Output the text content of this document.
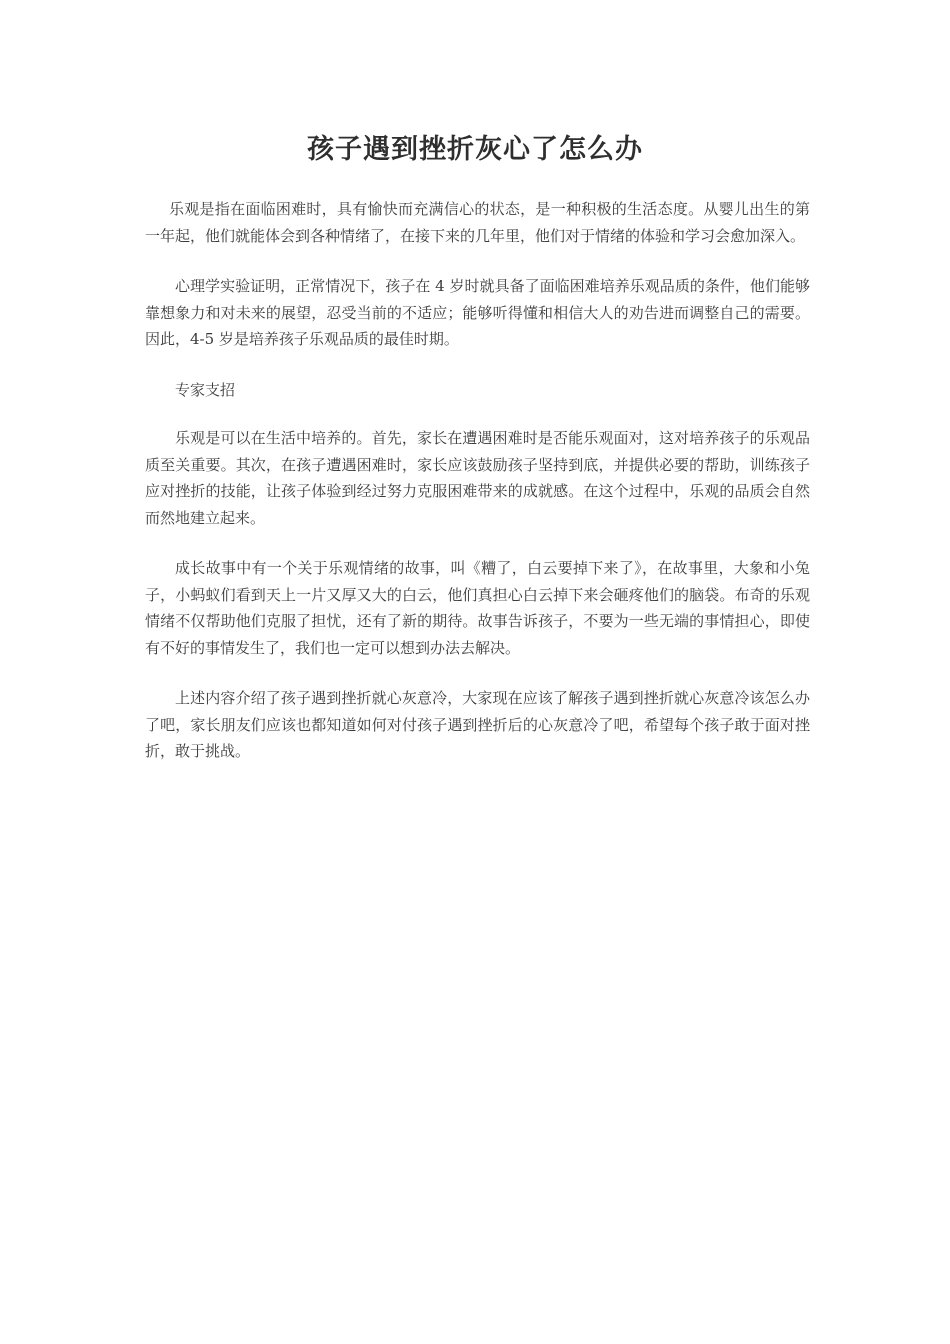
孩子遇到挫折灰心了怎么办

乐观是指在面临困难时，具有愉快而充满信心的状态，是一种积极的生活态度。从婴儿出生的第一年起，他们就能体会到各种情绪了，在接下来的几年里，他们对于情绪的体验和学习会愈加深入。

心理学实验证明，正常情况下，孩子在 4 岁时就具备了面临困难培养乐观品质的条件，他们能够靠想象力和对未来的展望，忍受当前的不适应；能够听得懂和相信大人的劝告进而调整自己的需要。因此，4-5 岁是培养孩子乐观品质的最佳时期。

专家支招

乐观是可以在生活中培养的。首先，家长在遭遇困难时是否能乐观面对，这对培养孩子的乐观品质至关重要。其次，在孩子遭遇困难时，家长应该鼓励孩子坚持到底，并提供必要的帮助，训练孩子应对挫折的技能，让孩子体验到经过努力克服困难带来的成就感。在这个过程中，乐观的品质会自然而然地建立起来。

成长故事中有一个关于乐观情绪的故事，叫《糟了，白云要掉下来了》，在故事里，大象和小兔子，小蚂蚁们看到天上一片又厚又大的白云，他们真担心白云掉下来会砸疼他们的脑袋。布奇的乐观情绪不仅帮助他们克服了担忧，还有了新的期待。故事告诉孩子，不要为一些无端的事情担心，即使有不好的事情发生了，我们也一定可以想到办法去解决。

上述内容介绍了孩子遇到挫折就心灰意冷，大家现在应该了解孩子遇到挫折就心灰意冷该怎么办了吧，家长朋友们应该也都知道如何对付孩子遇到挫折后的心灰意冷了吧，希望每个孩子敢于面对挫折，敢于挑战。
